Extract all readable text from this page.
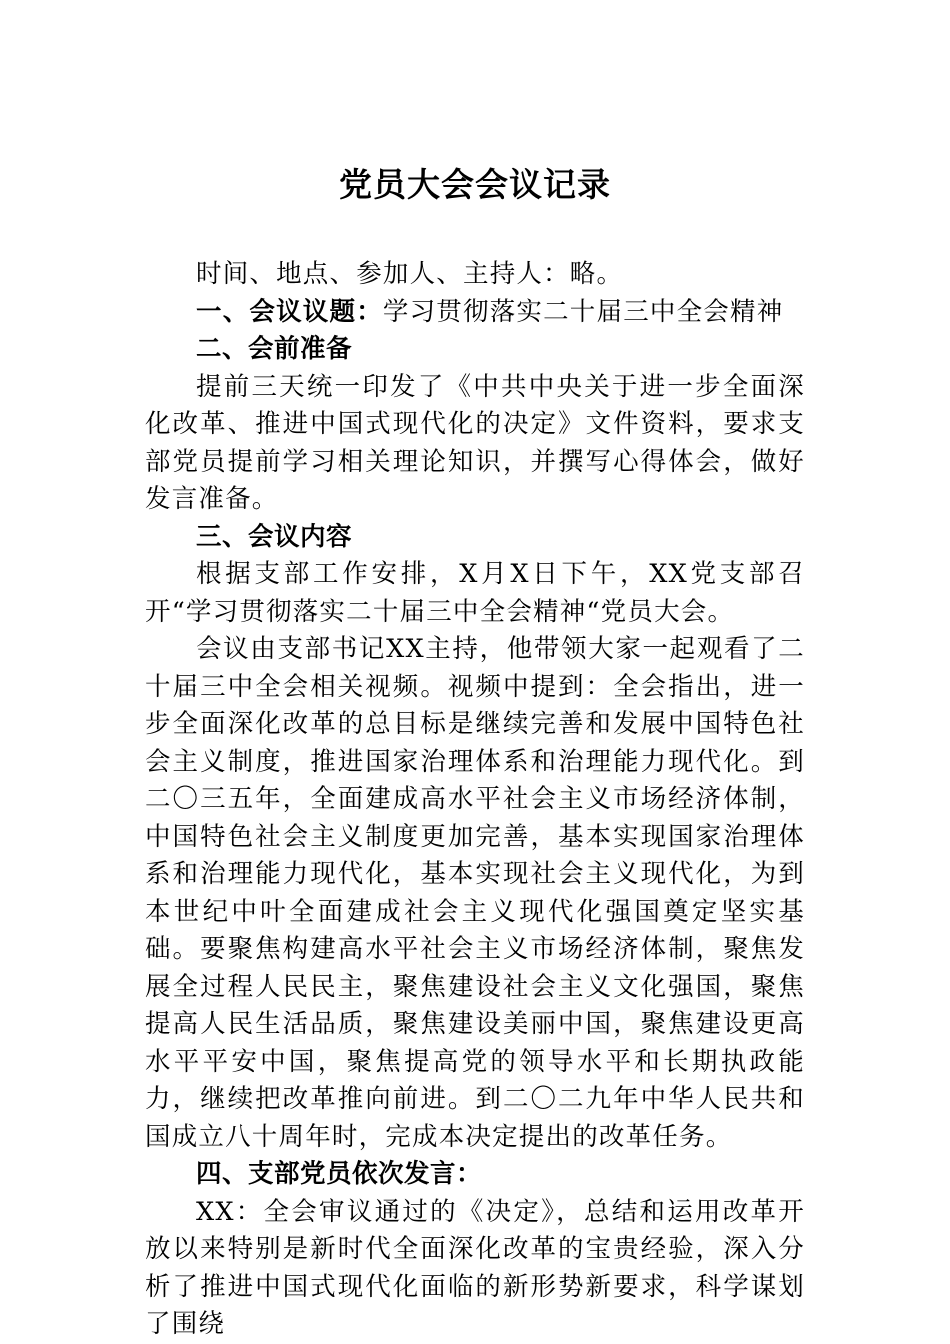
党员大会会议记录

时间、地点、参加人、主持人：略。

一、会议议题：学习贯彻落实二十届三中全会精神

二、会前准备

提前三天统一印发了《中共中央关于进一步全面深化改革、推进中国式现代化的决定》文件资料，要求支部党员提前学习相关理论知识，并撰写心得体会，做好发言准备。

三、会议内容

根据支部工作安排，X月X日下午，XX党支部召开“学习贯彻落实二十届三中全会精神“党员大会。

会议由支部书记XX主持，他带领大家一起观看了二十届三中全会相关视频。视频中提到：全会指出，进一步全面深化改革的总目标是继续完善和发展中国特色社会主义制度，推进国家治理体系和治理能力现代化。到二〇三五年，全面建成高水平社会主义市场经济体制，中国特色社会主义制度更加完善，基本实现国家治理体系和治理能力现代化，基本实现社会主义现代化，为到本世纪中叶全面建成社会主义现代化强国奠定坚实基础。要聚焦构建高水平社会主义市场经济体制，聚焦发展全过程人民民主，聚焦建设社会主义文化强国，聚焦提高人民生活品质，聚焦建设美丽中国，聚焦建设更高水平平安中国，聚焦提高党的领导水平和长期执政能力，继续把改革推向前进。到二〇二九年中华人民共和国成立八十周年时，完成本决定提出的改革任务。

四、支部党员依次发言：

XX：全会审议通过的《决定》，总结和运用改革开放以来特别是新时代全面深化改革的宝贵经验，深入分析了推进中国式现代化面临的新形势新要求，科学谋划了围绕
